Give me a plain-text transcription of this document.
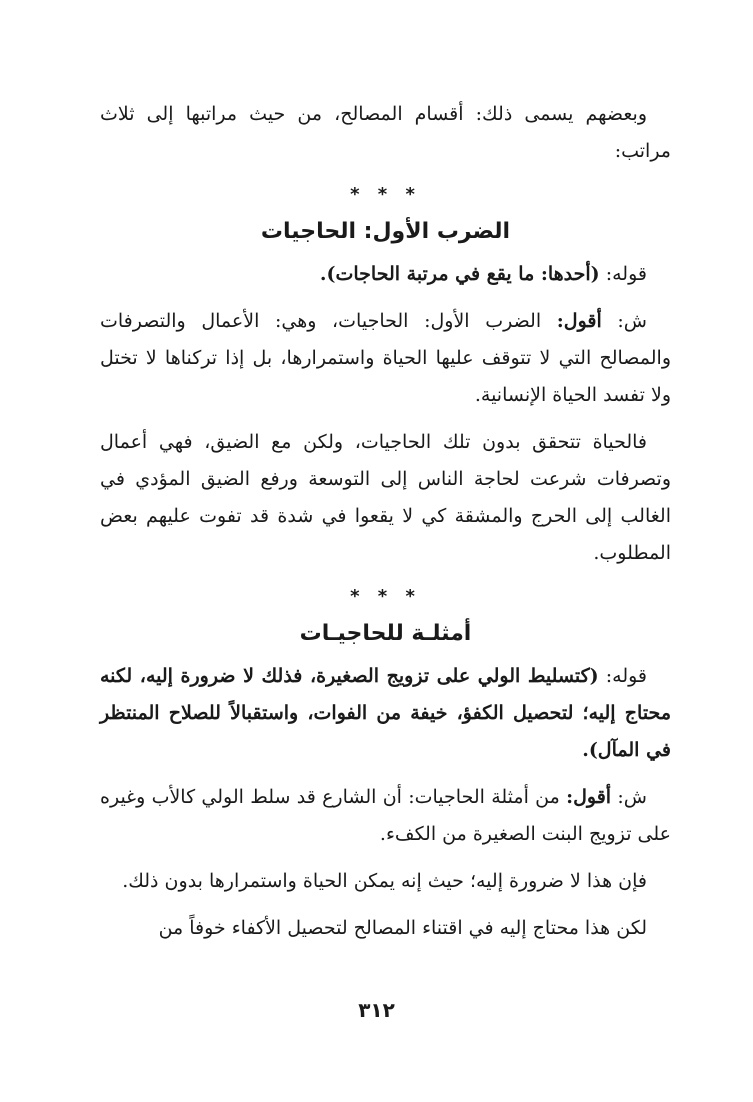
وبعضهم يسمى ذلك: أقسام المصالح، من حيث مراتبها إلى ثلاث مراتب:

* * *
الضرب الأول: الحاجيات

قوله: (أحدها: ما يقع في مرتبة الحاجات).

ش: أقول: الضرب الأول: الحاجيات، وهي: الأعمال والتصرفات والمصالح التي لا تتوقف عليها الحياة واستمرارها، بل إذا تركناها لا تختل ولا تفسد الحياة الإنسانية.

فالحياة تتحقق بدون تلك الحاجيات، ولكن مع الضيق، فهي أعمال وتصرفات شرعت لحاجة الناس إلى التوسعة ورفع الضيق المؤدي في الغالب إلى الحرج والمشقة كي لا يقعوا في شدة قد تفوت عليهم بعض المطلوب.

* * *
أمثلـة للحاجيـات

قوله: (كتسليط الولي على تزويج الصغيرة، فذلك لا ضرورة إليه، لكنه محتاج إليه؛ لتحصيل الكفؤ، خيفة من الفوات، واستقبالاً للصلاح المنتظر في المآل).

ش: أقول: من أمثلة الحاجيات: أن الشارع قد سلط الولي كالأب وغيره على تزويج البنت الصغيرة من الكفء.

فإن هذا لا ضرورة إليه؛ حيث إنه يمكن الحياة واستمرارها بدون ذلك.

لكن هذا محتاج إليه في اقتناء المصالح لتحصيل الأكفاء خوفاً من

٣١٢
